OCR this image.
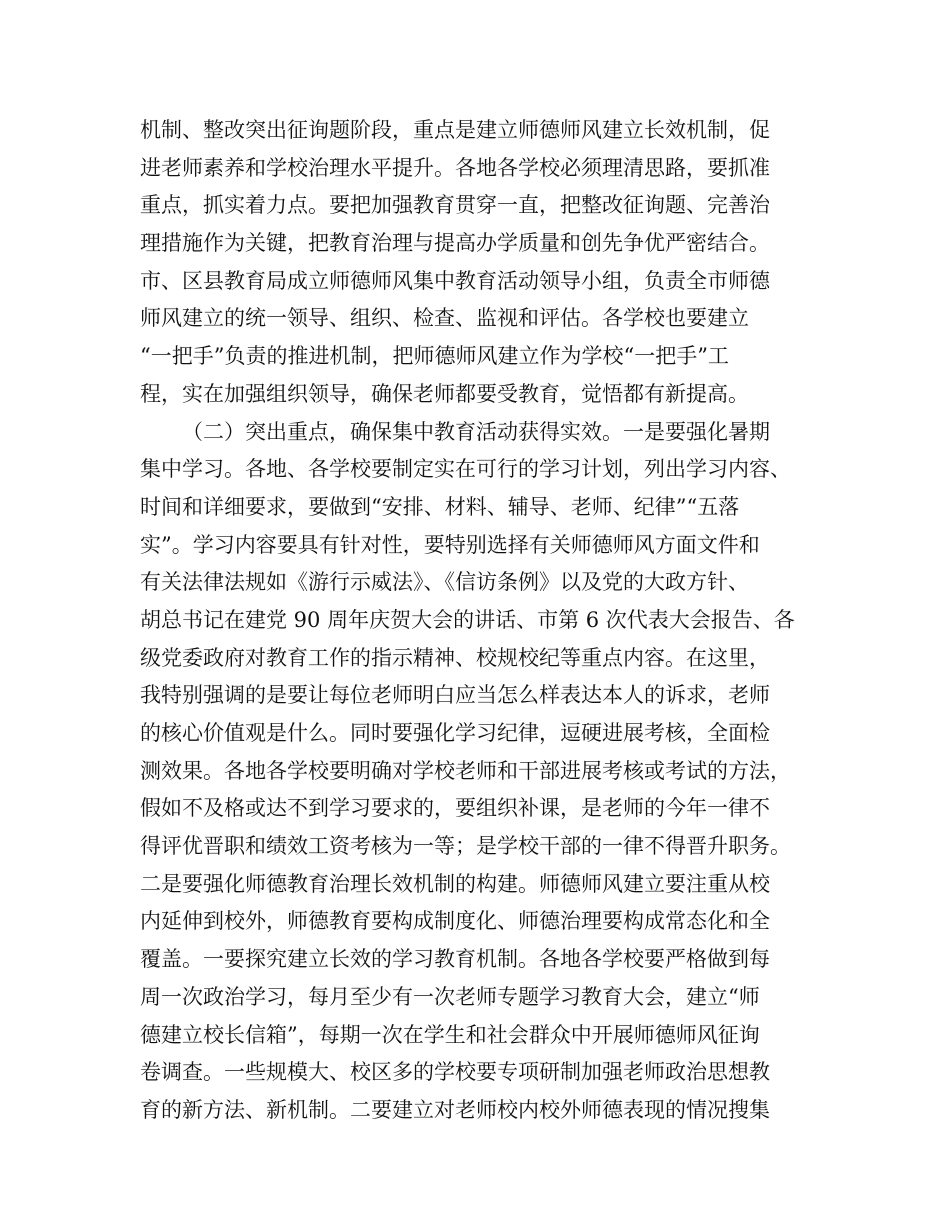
机制、整改突出征询题阶段，重点是建立师德师风建立长效机制，促
进老师素养和学校治理水平提升。各地各学校必须理清思路，要抓准
重点，抓实着力点。要把加强教育贯穿一直，把整改征询题、完善治
理措施作为关键，把教育治理与提高办学质量和创先争优严密结合。
市、区县教育局成立师德师风集中教育活动领导小组，负责全市师德
师风建立的统一领导、组织、检查、监视和评估。各学校也要建立
“一把手”负责的推进机制，把师德师风建立作为学校“一把手”工
程，实在加强组织领导，确保老师都要受教育，觉悟都有新提高。
（二）突出重点，确保集中教育活动获得实效。一是要强化暑期
集中学习。各地、各学校要制定实在可行的学习计划，列出学习内容、
时间和详细要求，要做到“安排、材料、辅导、老师、纪律”“五落
实”。学习内容要具有针对性，要特别选择有关师德师风方面文件和
有关法律法规如《游行示威法》、《信访条例》以及党的大政方针、
胡总书记在建党 90 周年庆贺大会的讲话、市第 6 次代表大会报告、各
级党委政府对教育工作的指示精神、校规校纪等重点内容。在这里，
我特别强调的是要让每位老师明白应当怎么样表达本人的诉求，老师
的核心价值观是什么。同时要强化学习纪律，逗硬进展考核，全面检
测效果。各地各学校要明确对学校老师和干部进展考核或考试的方法，
假如不及格或达不到学习要求的，要组织补课，是老师的今年一律不
得评优晋职和绩效工资考核为一等；是学校干部的一律不得晋升职务。
二是要强化师德教育治理长效机制的构建。师德师风建立要注重从校
内延伸到校外，师德教育要构成制度化、师德治理要构成常态化和全
覆盖。一要探究建立长效的学习教育机制。各地各学校要严格做到每
周一次政治学习，每月至少有一次老师专题学习教育大会，建立“师
德建立校长信箱”，每期一次在学生和社会群众中开展师德师风征询
卷调查。一些规模大、校区多的学校要专项研制加强老师政治思想教
育的新方法、新机制。二要建立对老师校内校外师德表现的情况搜集
